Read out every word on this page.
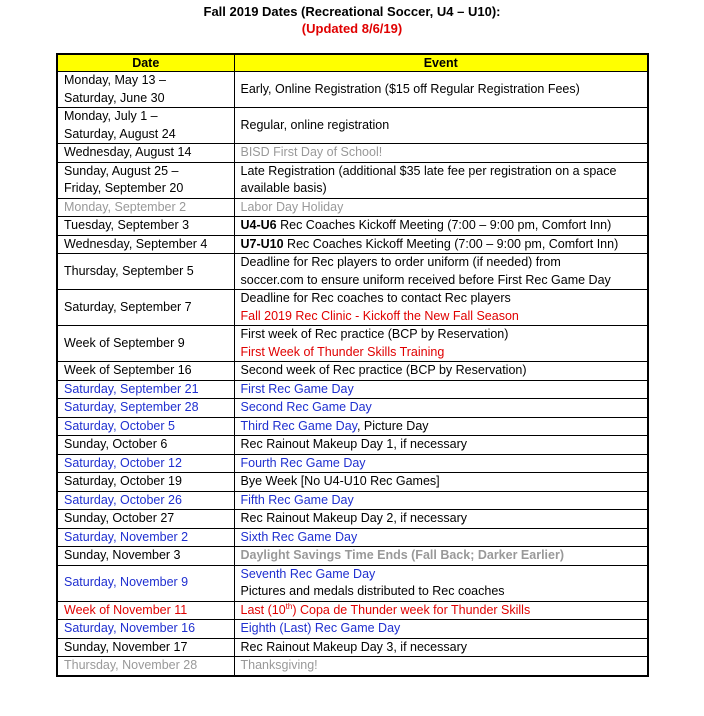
Fall 2019 Dates (Recreational Soccer, U4 – U10):
(Updated 8/6/19)
Date	Event

Monday, May 13 –
Saturday, June 30	Early, Online Registration ($15 off Regular Registration Fees)

Monday, July 1 –
Saturday, August 24	Regular, online registration
Wednesday, August 14	BISD First Day of School!

Sunday, August 25 –
Friday, September 20	Late Registration (additional $35 late fee per registration on a space
available basis)

Monday, September 2	Labor Day Holiday
Tuesday, September 3	U4-U6 Rec Coaches Kickoff Meeting (7:00 – 9:00 pm, Comfort Inn)
Wednesday, September 4	U7-U10 Rec Coaches Kickoff Meeting (7:00 – 9:00 pm, Comfort Inn)
Thursday, September 5	Deadline for Rec players to order uniform (if needed) from
soccer.com to ensure uniform received before First Rec Game Day

Saturday, September 7	Deadline for Rec coaches to contact Rec players
Fall 2019 Rec Clinic - Kickoff the New Fall Season

Week of September 9	First week of Rec practice (BCP by Reservation)
First Week of Thunder Skills Training

Week of September 16	Second week of Rec practice (BCP by Reservation)
Saturday, September 21	First Rec Game Day
Saturday, September 28	Second Rec Game Day
Saturday, October 5	Third Rec Game Day, Picture Day
Sunday, October 6	Rec Rainout Makeup Day 1, if necessary
Saturday, October 12	Fourth Rec Game Day
Saturday, October 19	Bye Week [No U4-U10 Rec Games]
Saturday, October 26	Fifth Rec Game Day
Sunday, October 27	Rec Rainout Makeup Day 2, if necessary
Saturday, November 2	Sixth Rec Game Day
Sunday, November 3	Daylight Savings Time Ends (Fall Back; Darker Earlier)
Saturday, November 9	Seventh Rec Game Day
Pictures and medals distributed to Rec coaches

Week of November 11	Last (10th) Copa de Thunder week for Thunder Skills
Saturday, November 16	Eighth (Last) Rec Game Day
Sunday, November 17	Rec Rainout Makeup Day 3, if necessary
Thursday, November 28	Thanksgiving!
